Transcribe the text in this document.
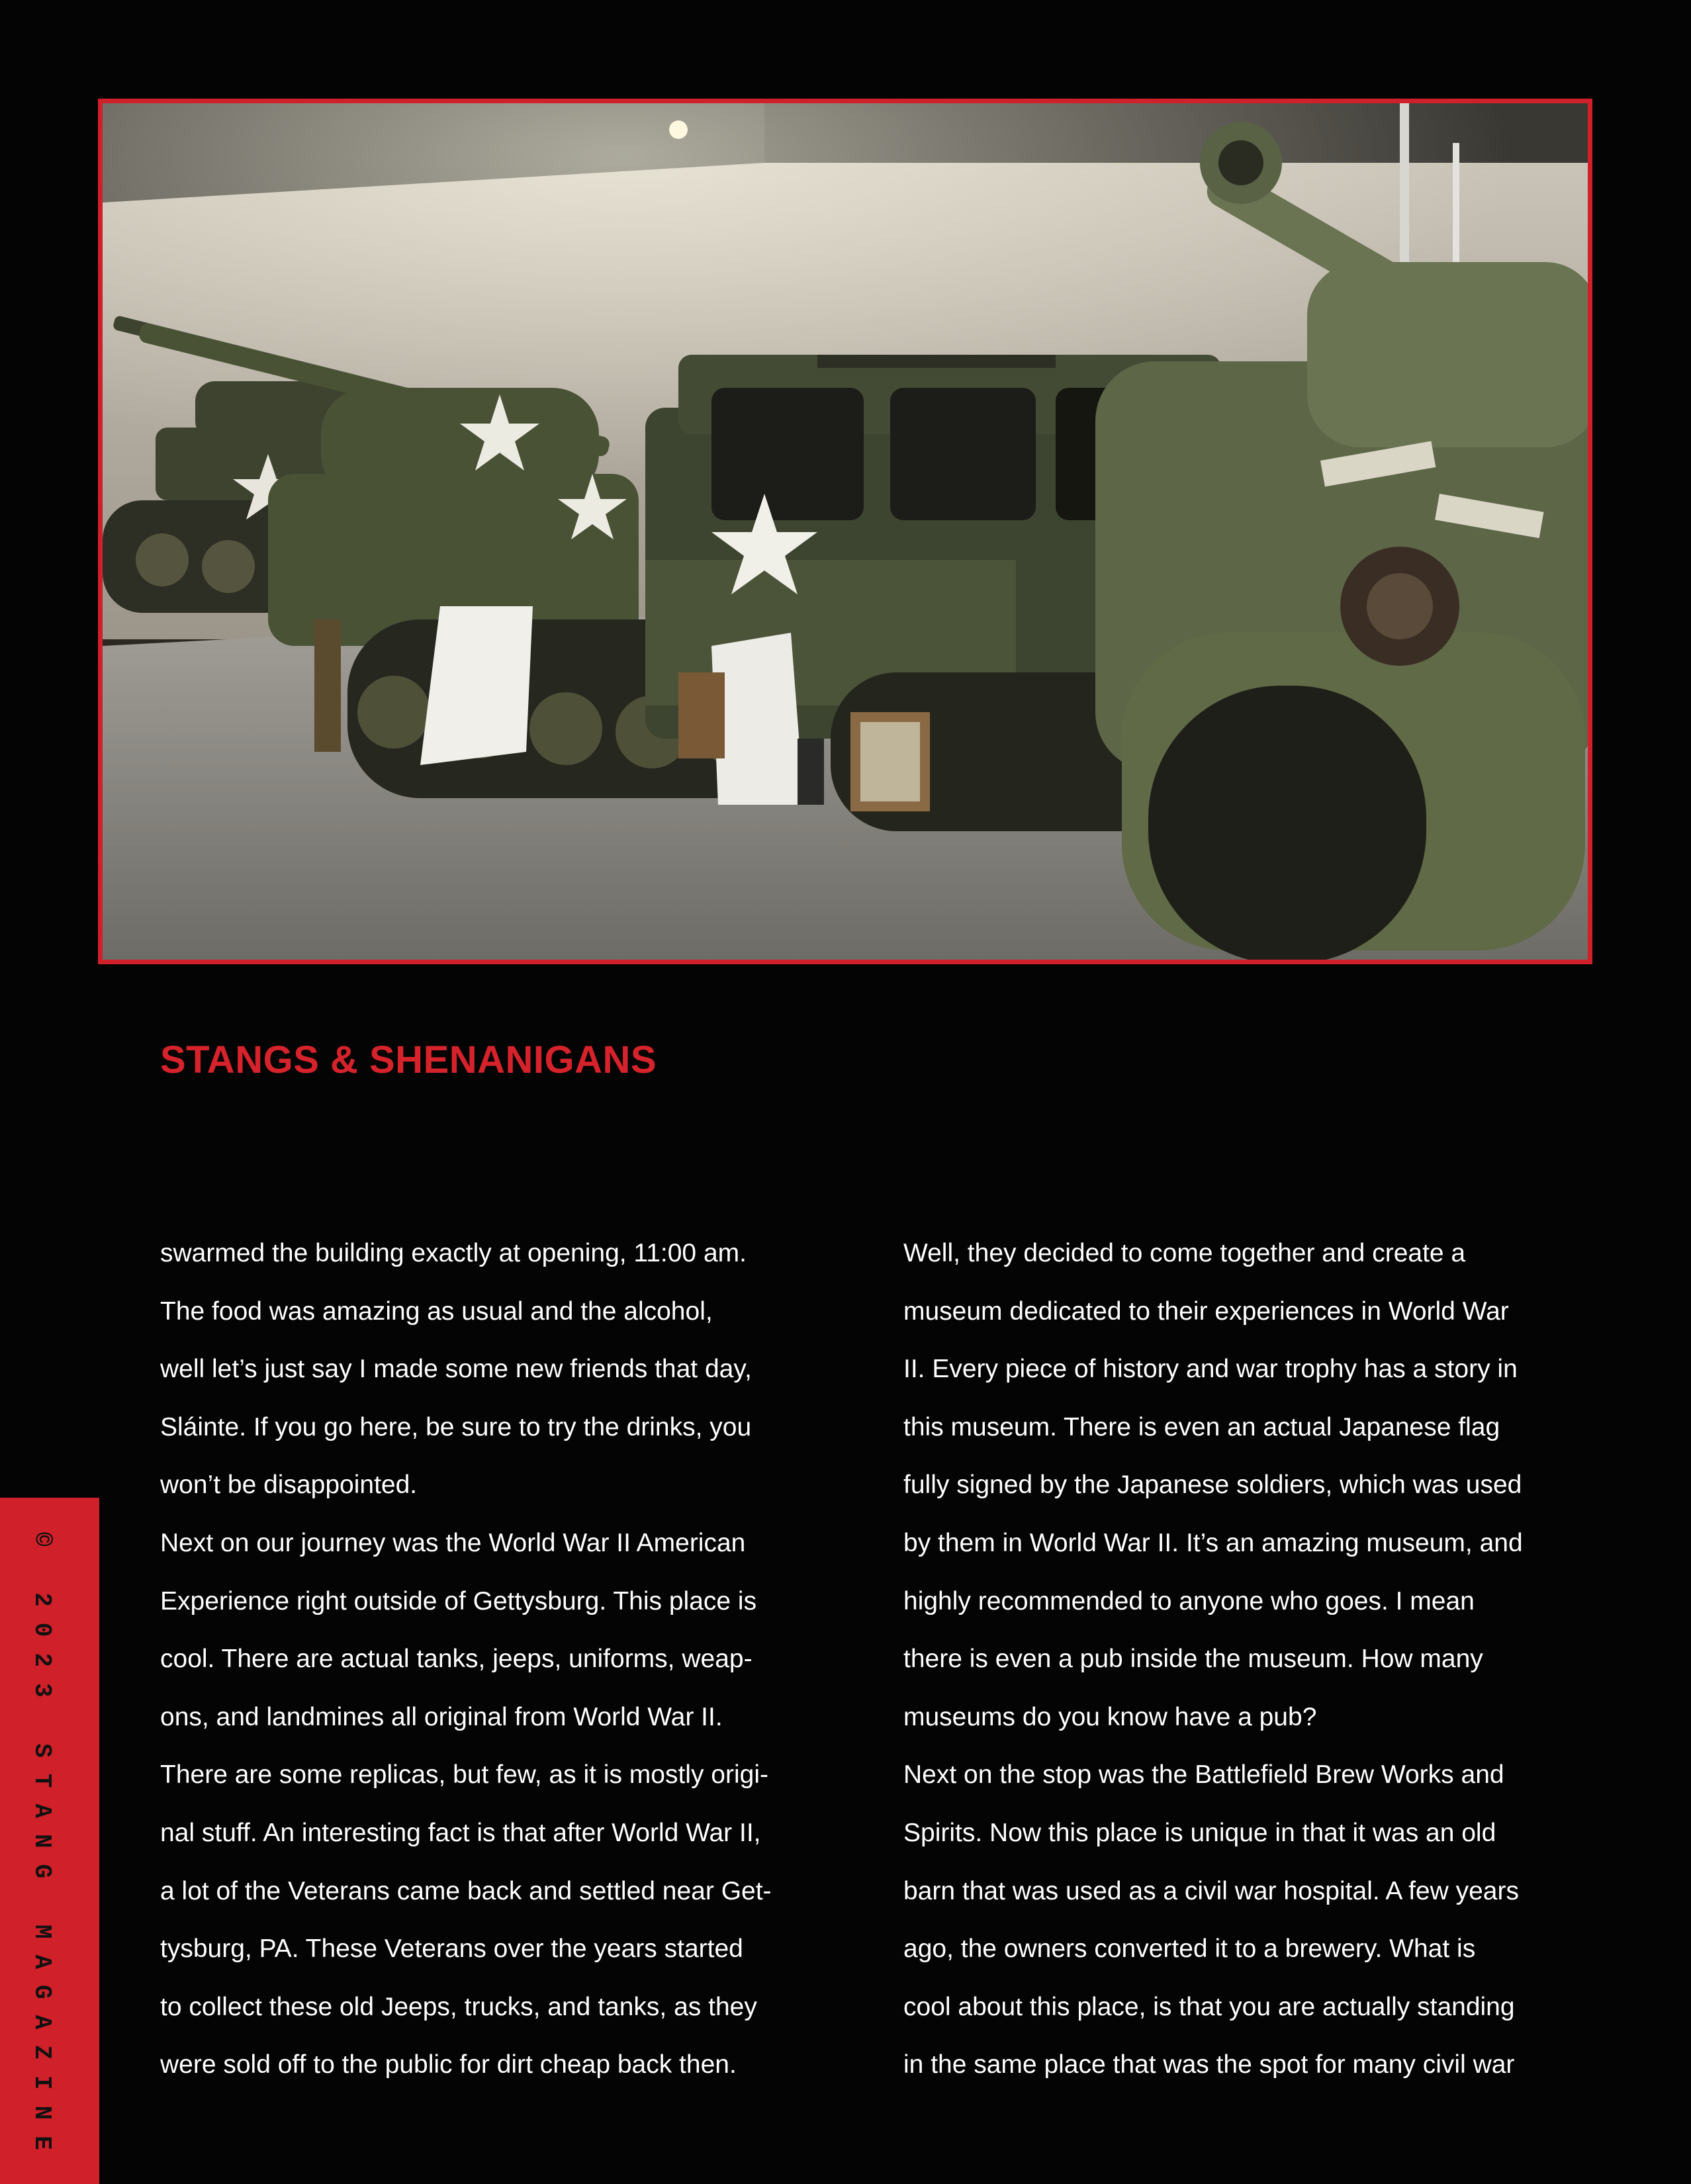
STANGS & SHENANIGANS
swarmed the building exactly at opening, 11:00 am.
The food was amazing as usual and the alcohol,
well let’s just say I made some new friends that day,
Sláinte. If you go here, be sure to try the drinks, you
won’t be disappointed.
Next on our journey was the World War II American
Experience right outside of Gettysburg. This place is
cool. There are actual tanks, jeeps, uniforms, weap-
ons, and landmines all original from World War II.
There are some replicas, but few, as it is mostly origi-
nal stuff. An interesting fact is that after World War II,
a lot of the Veterans came back and settled near Get-
tysburg, PA. These Veterans over the years started
to collect these old Jeeps, trucks, and tanks, as they
were sold off to the public for dirt cheap back then.
Well, they decided to come together and create a
museum dedicated to their experiences in World War
II. Every piece of history and war trophy has a story in
this museum. There is even an actual Japanese flag
fully signed by the Japanese soldiers, which was used
by them in World War II. It’s an amazing museum, and
highly recommended to anyone who goes. I mean
there is even a pub inside the museum. How many
museums do you know have a pub?
Next on the stop was the Battlefield Brew Works and
Spirits. Now this place is unique in that it was an old
barn that was used as a civil war hospital. A few years
ago, the owners converted it to a brewery. What is
cool about this place, is that you are actually standing
in the same place that was the spot for many civil war
© 2023 STANG MAGAZINE
